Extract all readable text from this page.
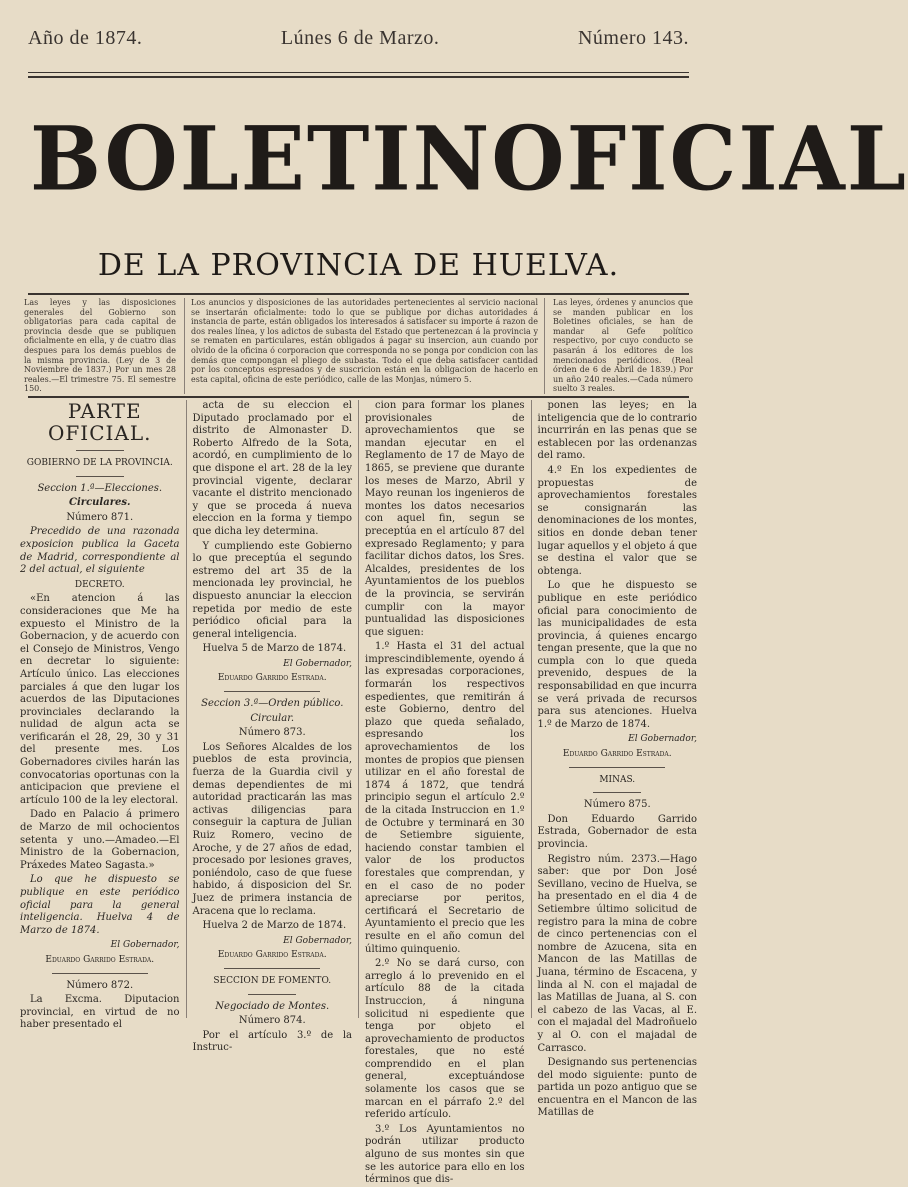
Año de 1874.	Lúnes 6 de Marzo.	Número 143.
BOLETIN OFICIAL
DE LA PROVINCIA DE HUELVA.

Las leyes y las disposiciones generales del Gobierno son obligatorias para cada capital de provincia desde que se publiquen oficialmente en ella, y de cuatro dias despues para los demás pueblos de la misma provincia. (Ley de 3 de Noviembre de 1837.) Por un mes 28 reales.—El trimestre 75. El semestre 150.

Los anuncios y disposiciones de las autoridades pertenecientes al servicio nacional se insertarán oficialmente: todo lo que se publique por dichas autoridades á instancia de parte, están obligados los interesados á satisfacer su importe á razon de dos reales línea, y los adictos de subasta del Estado que pertenezcan á la provincia y se rematen en particulares, están obligados á pagar su insercion, aun cuando por olvido de la oficina ó corporacion que corresponda no se ponga por condicion con las demás que compongan el pliego de subasta. Todo el que deba satisfacer cantidad por los conceptos espresados y de suscricion están en la obligacion de hacerlo en esta capital, oficina de este periódico, calle de las Monjas, número 5.

Las leyes, órdenes y anuncios que se manden publicar en los Boletines oficiales, se han de mandar al Gefe político respectivo, por cuyo conducto se pasarán á los editores de los mencionados periódicos. (Real órden de 6 de Abril de 1839.) Por un año 240 reales.—Cada número suelto 3 reales.

PARTE OFICIAL.

GOBIERNO DE LA PROVINCIA.

Seccion 1.ª—Elecciones.

Circulares.

Número 871.

Precedido de una razonada exposicion publica la Gaceta de Madrid, correspondiente al 2 del actual, el siguiente

DECRETO.

«En atencion á las consideraciones que Me ha expuesto el Ministro de la Gobernacion, y de acuerdo con el Consejo de Ministros, Vengo en decretar lo siguiente: Artículo único. Las elecciones parciales á que den lugar los acuerdos de las Diputaciones provinciales declarando la nulidad de algun acta se verificarán el 28, 29, 30 y 31 del presente mes. Los Gobernadores civiles harán las convocatorias oportunas con la anticipacion que previene el artículo 100 de la ley electoral.

Dado en Palacio á primero de Marzo de mil ochocientos setenta y uno.—Amadeo.—El Ministro de la Gobernacion, Práxedes Mateo Sagasta.»

Lo que he dispuesto se publique en este periódico oficial para la general inteligencia. Huelva 4 de Marzo de 1874.

El Gobernador,

Eduardo Garrido Estrada.

Número 872.

La Excma. Diputacion provincial, en virtud de no haber presentado el

acta de su eleccion el Diputado proclamado por el distrito de Almonaster D. Roberto Alfredo de la Sota, acordó, en cumplimiento de lo que dispone el art. 28 de la ley provincial vigente, declarar vacante el distrito mencionado y que se proceda á nueva eleccion en la forma y tiempo que dicha ley determina.

Y cumpliendo este Gobierno lo que preceptúa el segundo estremo del art 35 de la mencionada ley provincial, he dispuesto anunciar la eleccion repetida por medio de este periódico oficial para la general inteligencia.

Huelva 5 de Marzo de 1874.

El Gobernador,

Eduardo Garrido Estrada.

Seccion 3.ª—Orden público.

Circular.

Número 873.

Los Señores Alcaldes de los pueblos de esta provincia, fuerza de la Guardia civil y demas dependientes de mi autoridad practicarán las mas activas diligencias para conseguir la captura de Julian Ruiz Romero, vecino de Aroche, y de 27 años de edad, procesado por lesiones graves, poniéndolo, caso de que fuese habido, á disposicion del Sr. Juez de primera instancia de Aracena que lo reclama.

Huelva 2 de Marzo de 1874.

El Gobernador,

Eduardo Garrido Estrada.

SECCION DE FOMENTO.

Negociado de Montes.

Número 874.

Por el artículo 3.º de la Instruc-

cion para formar los planes provisionales de aprovechamientos que se mandan ejecutar en el Reglamento de 17 de Mayo de 1865, se previene que durante los meses de Marzo, Abril y Mayo reunan los ingenieros de montes los datos necesarios con aquel fin, segun se preceptúa en el artículo 87 del expresado Reglamento; y para facilitar dichos datos, los Sres. Alcaldes, presidentes de los Ayuntamientos de los pueblos de la provincia, se servirán cumplir con la mayor puntualidad las disposiciones que siguen:

1.º Hasta el 31 del actual imprescindiblemente, oyendo á las expresadas corporaciones, formarán los respectivos espedientes, que remitirán á este Gobierno, dentro del plazo que queda señalado, espresando los aprovechamientos de los montes de propios que piensen utilizar en el año forestal de 1874 á 1872, que tendrá principio segun el artículo 2.º de la citada Instruccion en 1.º de Octubre y terminará en 30 de Setiembre siguiente, haciendo constar tambien el valor de los productos forestales que comprendan, y en el caso de no poder apreciarse por peritos, certificará el Secretario de Ayuntamiento el precio que les resulte en el año comun del último quinquenio.

2.º No se dará curso, con arreglo á lo prevenido en el artículo 88 de la citada Instruccion, á ninguna solicitud ni espediente que tenga por objeto el aprovechamiento de productos forestales, que no esté comprendido en el plan general, exceptuándose solamente los casos que se marcan en el párrafo 2.º del referido artículo.

3.º Los Ayuntamientos no podrán utilizar producto alguno de sus montes sin que se les autorice para ello en los términos que dis-

ponen las leyes; en la inteligencia que de lo contrario incurrirán en las penas que se establecen por las ordenanzas del ramo.

4.º En los expedientes de propuestas de aprovechamientos forestales se consignarán las denominaciones de los montes, sitios en donde deban tener lugar aquellos y el objeto á que se destina el valor que se obtenga.

Lo que he dispuesto se publique en este periódico oficial para conocimiento de las municipalidades de esta provincia, á quienes encargo tengan presente, que la que no cumpla con lo que queda prevenido, despues de la responsabilidad en que incurra se verá privada de recursos para sus atenciones. Huelva 1.º de Marzo de 1874.

El Gobernador,

Eduardo Garrido Estrada.

MINAS.

Número 875.

Don Eduardo Garrido Estrada, Gobernador de esta provincia.

Registro núm. 2373.—Hago saber: que por Don José Sevillano, vecino de Huelva, se ha presentado en el dia 4 de Setiembre último solicitud de registro para la mina de cobre de cinco pertenencias con el nombre de Azucena, sita en Mancon de las Matillas de Juana, término de Escacena, y linda al N. con el majadal de las Matillas de Juana, al S. con el cabezo de las Vacas, al E. con el majadal del Madroñuelo y al O. con el majadal de Carrasco.

Designando sus pertenencias del modo siguiente: punto de partida un pozo antiguo que se encuentra en el Mancon de las Matillas de
